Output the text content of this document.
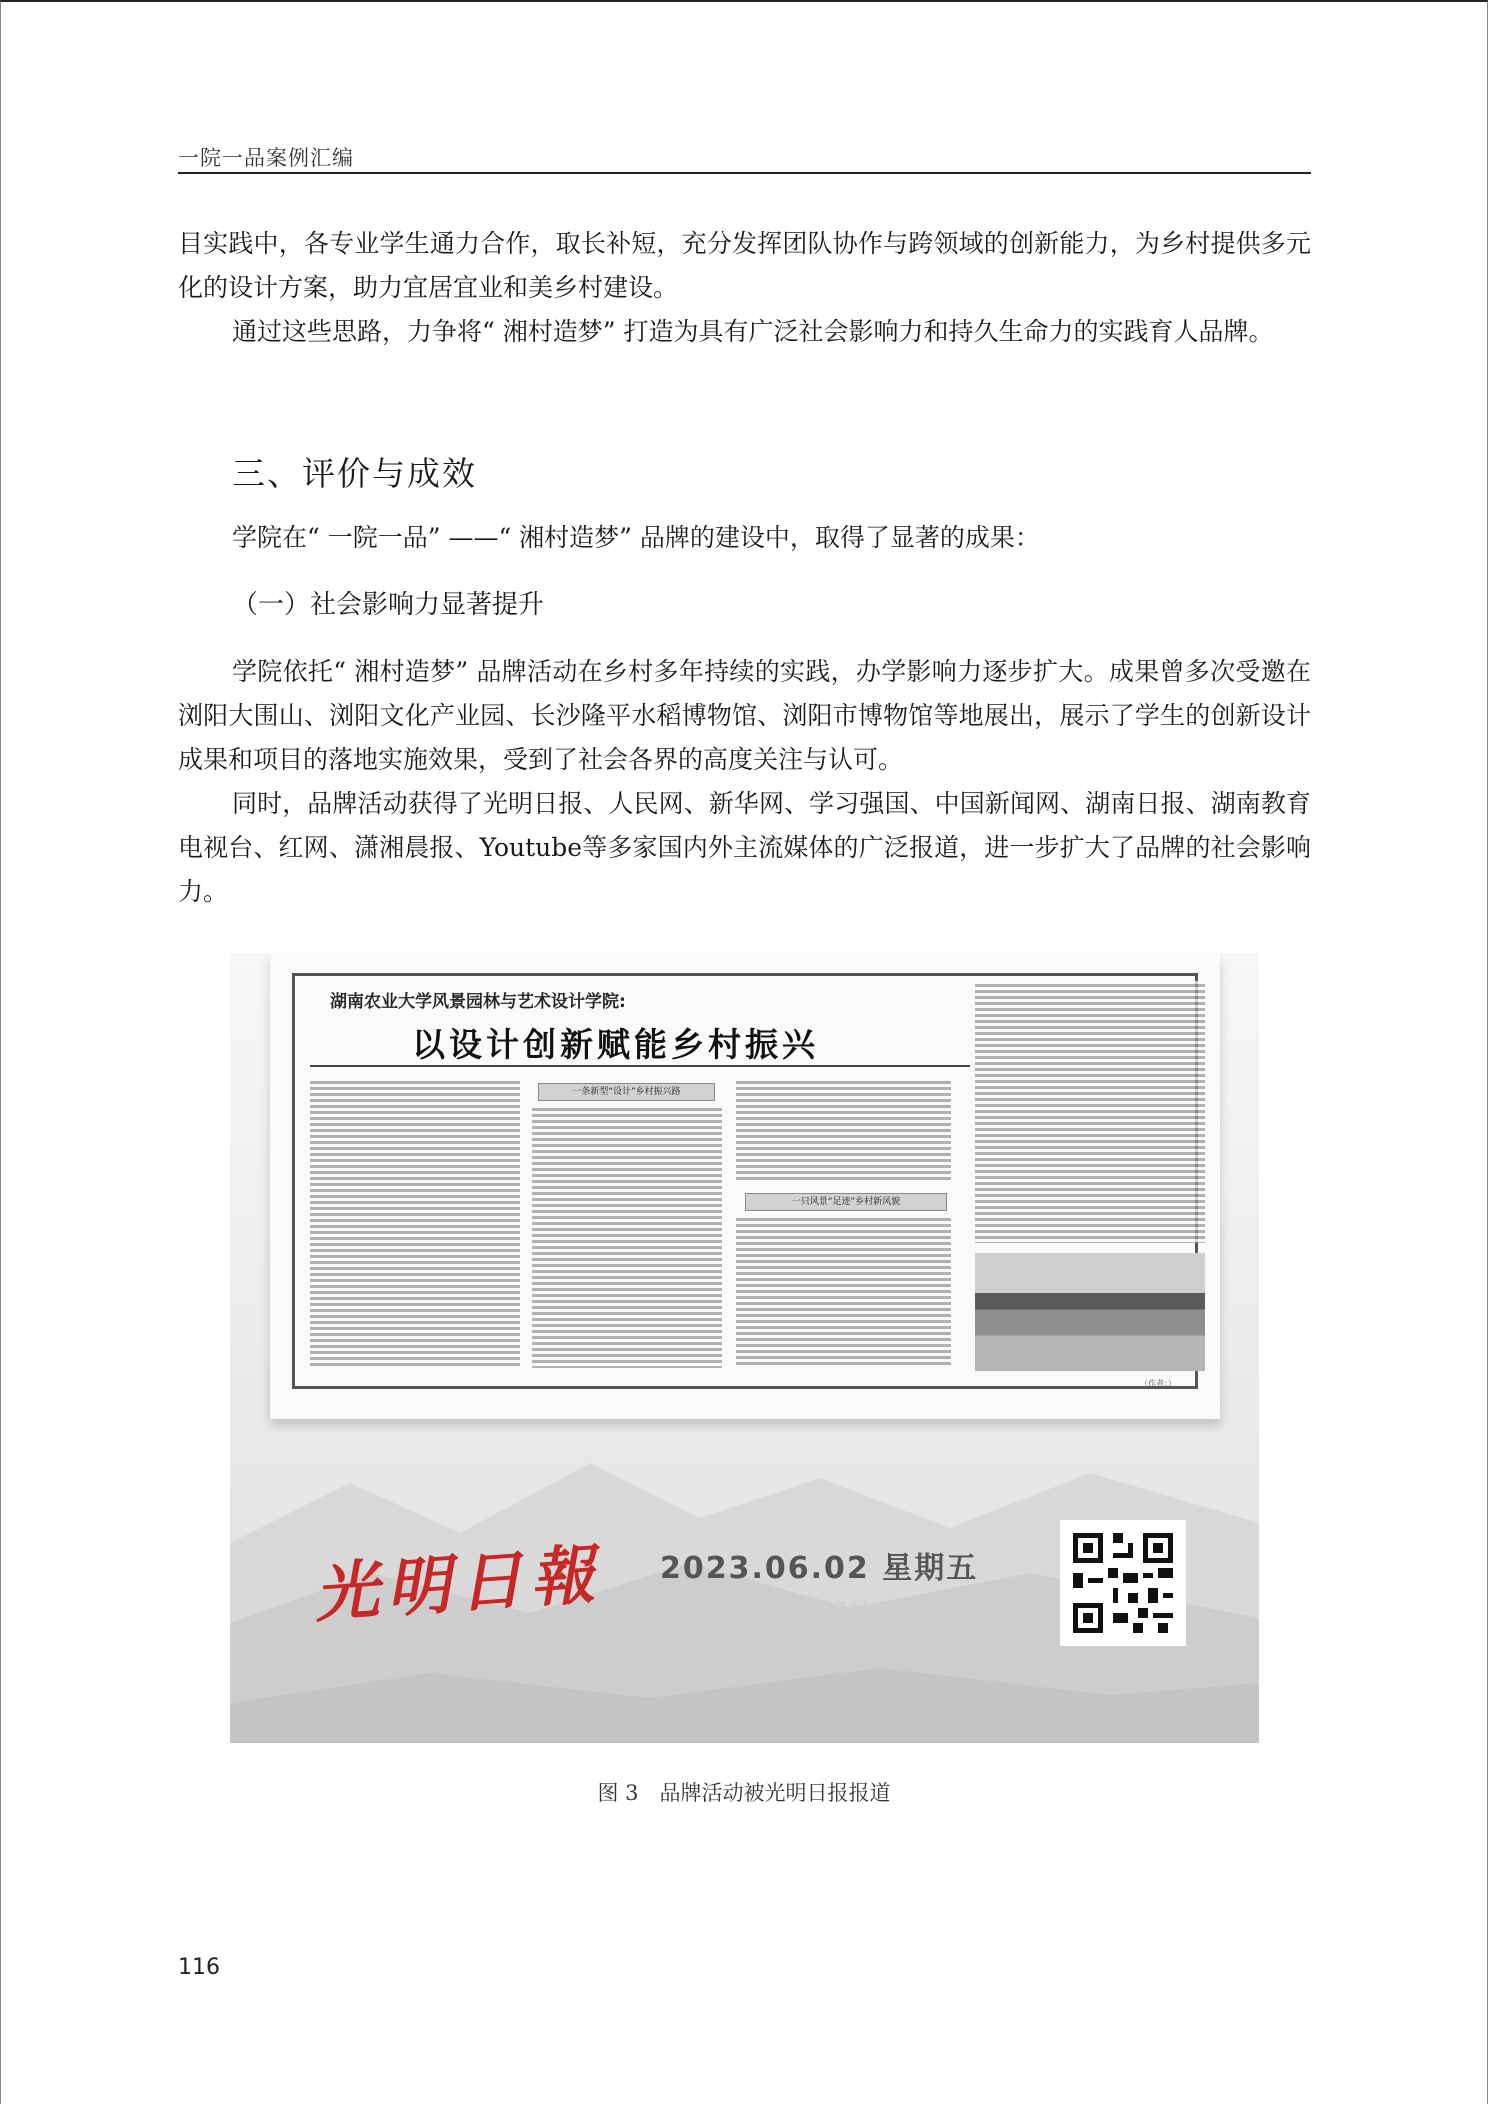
一院一品案例汇编

目实践中，各专业学生通力合作，取长补短，充分发挥团队协作与跨领域的创新能力，为乡村提供多元化的设计方案，助力宜居宜业和美乡村建设。

通过这些思路，力争将“ 湘村造梦” 打造为具有广泛社会影响力和持久生命力的实践育人品牌。

三、评价与成效

学院在“ 一院一品” ——“ 湘村造梦” 品牌的建设中，取得了显著的成果：

（一）社会影响力显著提升

学院依托“ 湘村造梦” 品牌活动在乡村多年持续的实践，办学影响力逐步扩大。成果曾多次受邀在浏阳大围山、浏阳文化产业园、长沙隆平水稻博物馆、浏阳市博物馆等地展出，展示了学生的创新设计成果和项目的落地实施效果，受到了社会各界的高度关注与认可。

同时，品牌活动获得了光明日报、人民网、新华网、学习强国、中国新闻网、湖南日报、湖南教育电视台、红网、潇湘晨报、Youtube等多家国内外主流媒体的广泛报道，进一步扩大了品牌的社会影响力。

湖南农业大学风景园林与艺术设计学院:
以设计创新赋能乡村振兴
一条新型“设计”乡村振兴路
一只风景“足迹”乡村新风貌
（作者：）
光明日報 2023.06.02 星期五
知识分子掌上精神家园
图 3　品牌活动被光明日报报道
116
